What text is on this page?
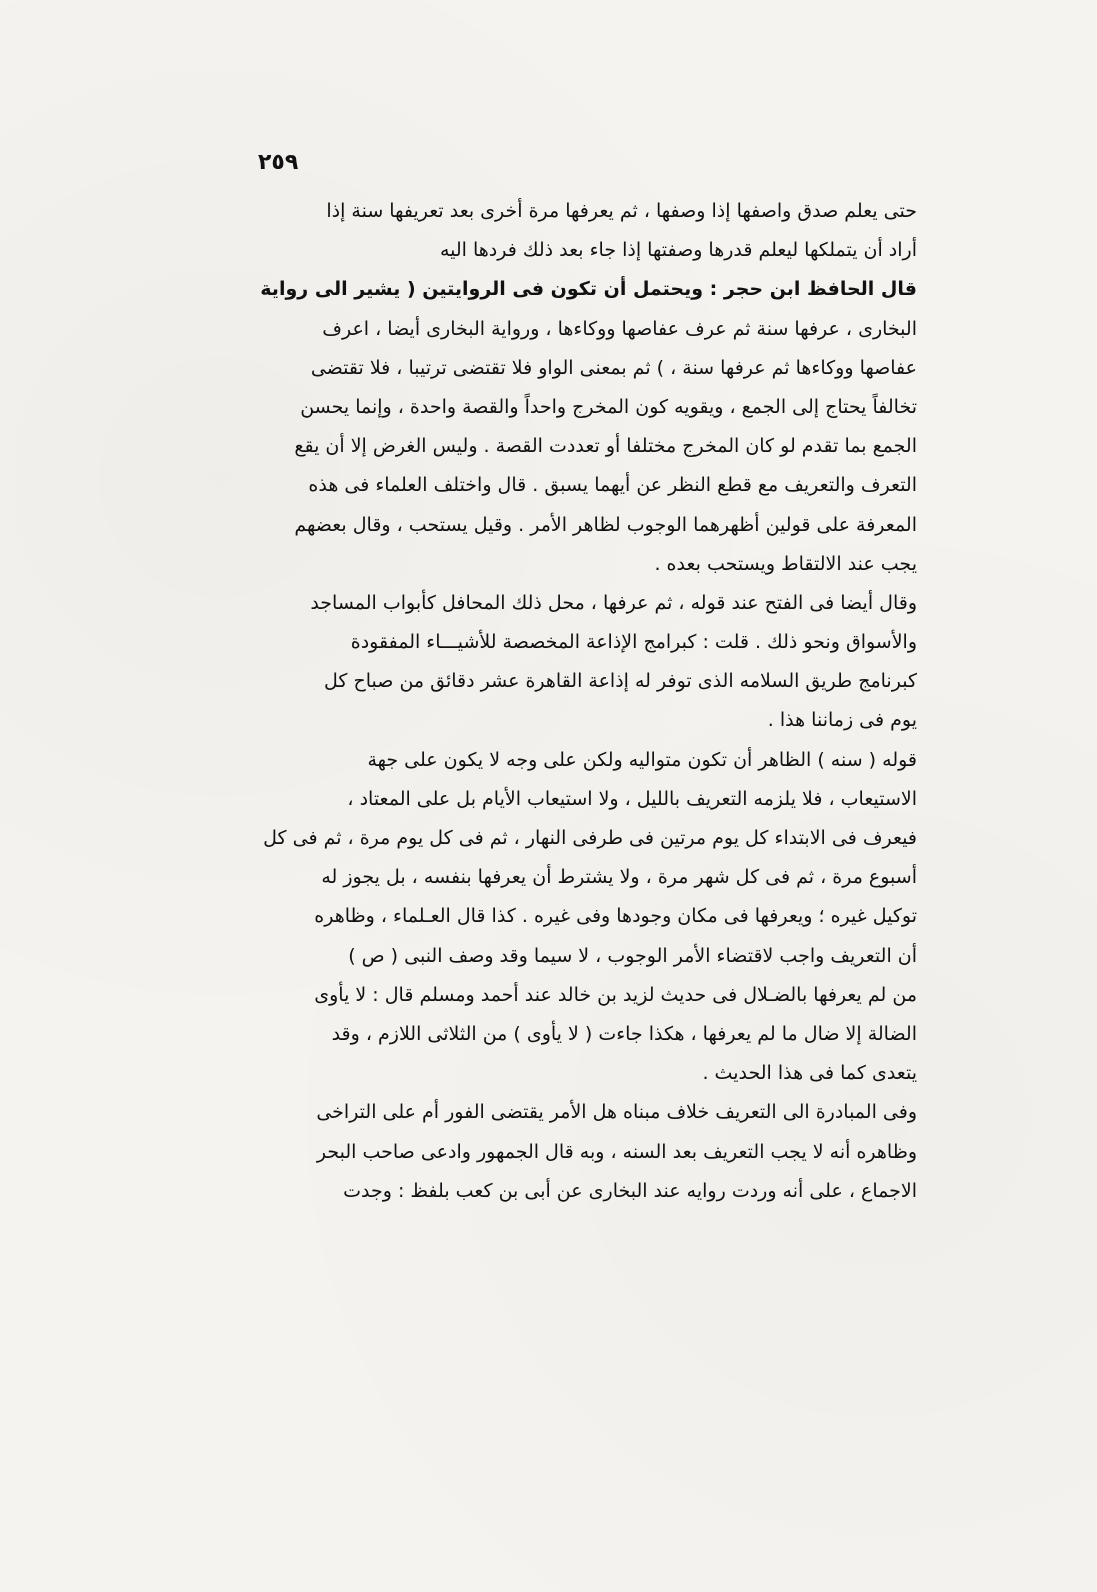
٢٥٩
حتى يعلم صدق واصفها إذا وصفها ، ثم يعرفها مرة أخرى بعد تعريفها سنة إذا
أراد أن يتملكها ليعلم قدرها وصفتها إذا جاء بعد ذلك فردها اليه
قال الحافظ ابن حجر : ويحتمل أن تكون فى الروايتين ( يشير الى رواية
البخارى ، عرفها سنة ثم عرف عفاصها ووكاءها ، ورواية البخارى أيضا ، اعرف
عفاصها ووكاءها ثم عرفها سنة ، ) ثم بمعنى الواو فلا تقتضى ترتيبا ، فلا تقتضى
تخالفاً يحتاج إلى الجمع ، ويقويه كون المخرج واحداً والقصة واحدة ، وإنما يحسن
الجمع بما تقدم لو كان المخرج مختلفا أو تعددت القصة . وليس الغرض إلا أن يقع
التعرف والتعريف مع قطع النظر عن أيهما يسبق . قال واختلف العلماء فى هذه
المعرفة على قولين أظهرهما الوجوب لظاهر الأمر . وقيل يستحب ، وقال بعضهم
يجب عند الالتقاط ويستحب بعده .
وقال أيضا فى الفتح عند قوله ، ثم عرفها ، محل ذلك المحافل كأبواب المساجد
والأسواق ونحو ذلك . قلت : كبرامج الإذاعة المخصصة للأشيـــاء المفقودة
كبرنامج طريق السلامه الذى توفر له إذاعة القاهرة عشر دقائق من صباح كل
يوم فى زماننا هذا .
قوله ( سنه ) الظاهر أن تكون متواليه ولكن على وجه لا يكون على جهة
الاستيعاب ، فلا يلزمه التعريف بالليل ، ولا استيعاب الأيام بل على المعتاد ،
فيعرف فى الابتداء كل يوم مرتين فى طرفى النهار ، ثم فى كل يوم مرة ، ثم فى كل
أسبوع مرة ، ثم فى كل شهر مرة ، ولا يشترط أن يعرفها بنفسه ، بل يجوز له
توكيل غيره ؛ ويعرفها فى مكان وجودها وفى غيره . كذا قال العـلماء ، وظاهره
أن التعريف واجب لاقتضاء الأمر الوجوب ، لا سيما وقد وصف النبى ( ص )
من لم يعرفها بالضـلال فى حديث لزيد بن خالد عند أحمد ومسلم قال : لا يأوى
الضالة إلا ضال ما لم يعرفها ، هكذا جاءت ( لا يأوى ) من الثلاثى اللازم ، وقد
يتعدى كما فى هذا الحديث .
وفى المبادرة الى التعريف خلاف مبناه هل الأمر يقتضى الفور أم على التراخى
وظاهره أنه لا يجب التعريف بعد السنه ، وبه قال الجمهور وادعى صاحب البحر
الاجماع ، على أنه وردت روايه عند البخارى عن أبى بن كعب بلفظ : وجدت
